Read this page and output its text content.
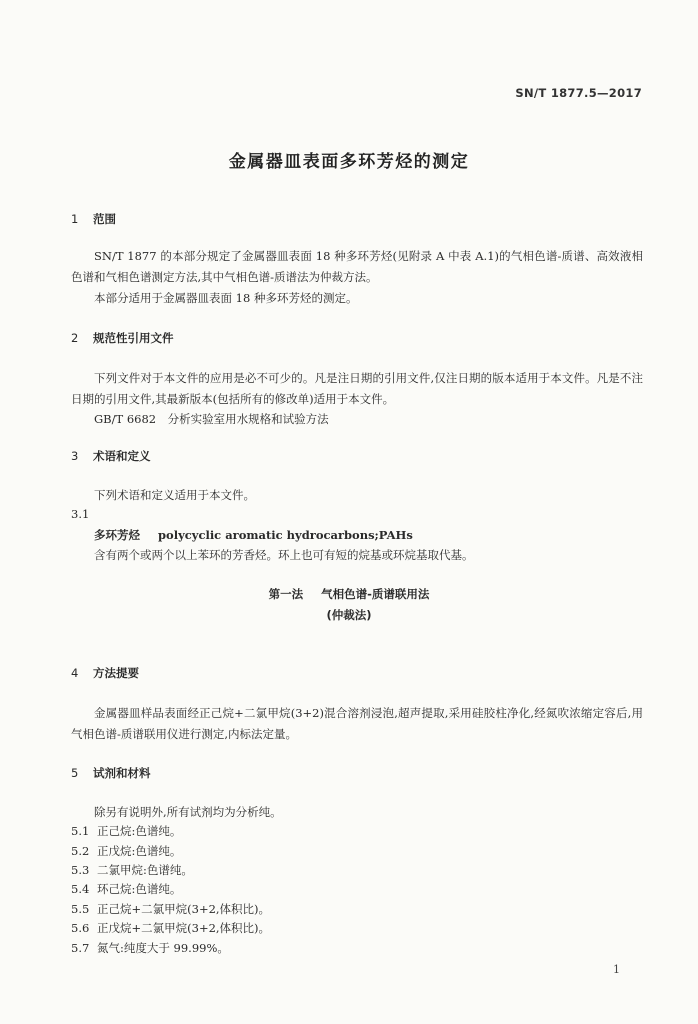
SN/T 1877.5—2017
金属器皿表面多环芳烃的测定
1 范围

SN/T 1877 的本部分规定了金属器皿表面 18 种多环芳烃(见附录 A 中表 A.1)的气相色谱-质谱、高效液相色谱和气相色谱测定方法,其中气相色谱-质谱法为仲裁方法。

本部分适用于金属器皿表面 18 种多环芳烃的测定。
2 规范性引用文件

下列文件对于本文件的应用是必不可少的。凡是注日期的引用文件,仅注日期的版本适用于本文件。凡是不注日期的引用文件,其最新版本(包括所有的修改单)适用于本文件。

GB/T 6682　分析实验室用水规格和试验方法
3 术语和定义
下列术语和定义适用于本文件。
3.1
多环芳烃 polycyclic aromatic hydrocarbons;PAHs
含有两个或两个以上苯环的芳香烃。环上也可有短的烷基或环烷基取代基。
第一法 气相色谱-质谱联用法
(仲裁法)
4 方法提要

金属器皿样品表面经正己烷+二氯甲烷(3+2)混合溶剂浸泡,超声提取,采用硅胶柱净化,经氮吹浓缩定容后,用气相色谱-质谱联用仪进行测定,内标法定量。

5 试剂和材料
除另有说明外,所有试剂均为分析纯。
5.1 正己烷:色谱纯。
5.2 正戊烷:色谱纯。
5.3 二氯甲烷:色谱纯。
5.4 环己烷:色谱纯。
5.5 正己烷+二氯甲烷(3+2,体积比)。
5.6 正戊烷+二氯甲烷(3+2,体积比)。
5.7 氮气:纯度大于 99.99%。
1
